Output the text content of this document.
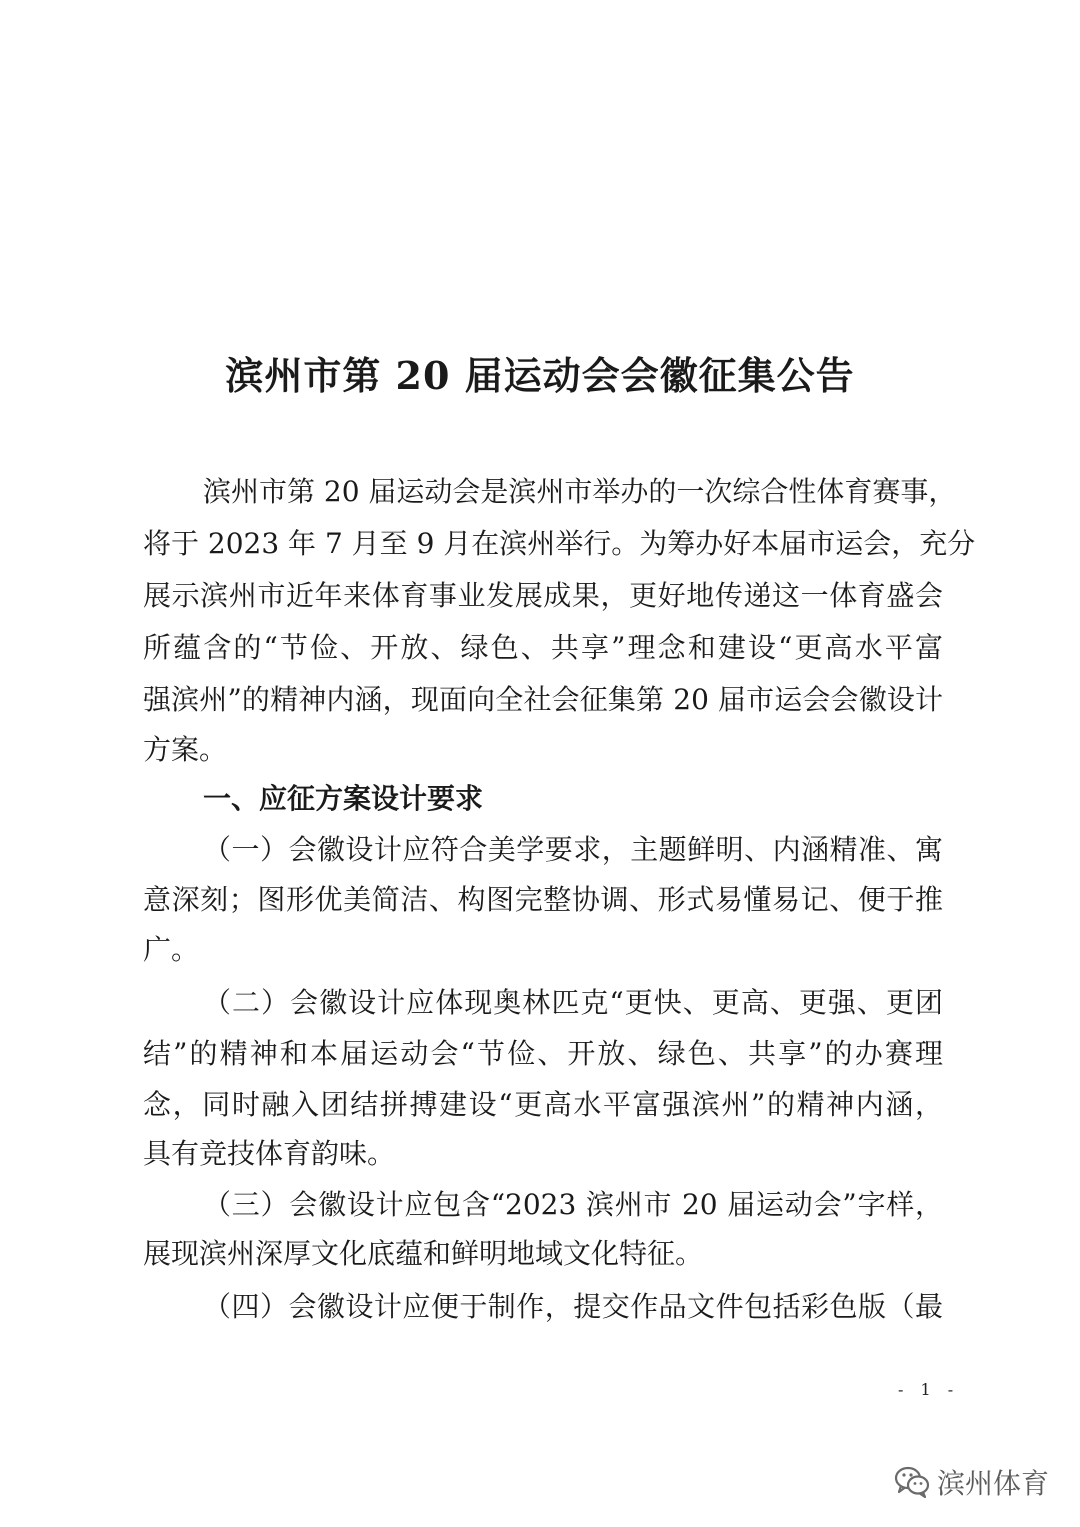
滨州市第 20 届运动会会徽征集公告
滨州市第 20 届运动会是滨州市举办的一次综合性体育赛事，
将于 2023 年 7 月至 9 月在滨州举行。为筹办好本届市运会，充分
展示滨州市近年来体育事业发展成果，更好地传递这一体育盛会
所蕴含的“节俭、开放、绿色、共享”理念和建设“更高水平富
强滨州”的精神内涵，现面向全社会征集第 20 届市运会会徽设计
方案。
一、应征方案设计要求
（一）会徽设计应符合美学要求，主题鲜明、内涵精准、寓
意深刻；图形优美简洁、构图完整协调、形式易懂易记、便于推
广。
（二）会徽设计应体现奥林匹克“更快、更高、更强、更团
结”的精神和本届运动会“节俭、开放、绿色、共享”的办赛理
念，同时融入团结拼搏建设“更高水平富强滨州”的精神内涵，
具有竞技体育韵味。
（三）会徽设计应包含“2023 滨州市 20 届运动会”字样，
展现滨州深厚文化底蕴和鲜明地域文化特征。
（四）会徽设计应便于制作，提交作品文件包括彩色版（最
- 1 -
滨州体育
